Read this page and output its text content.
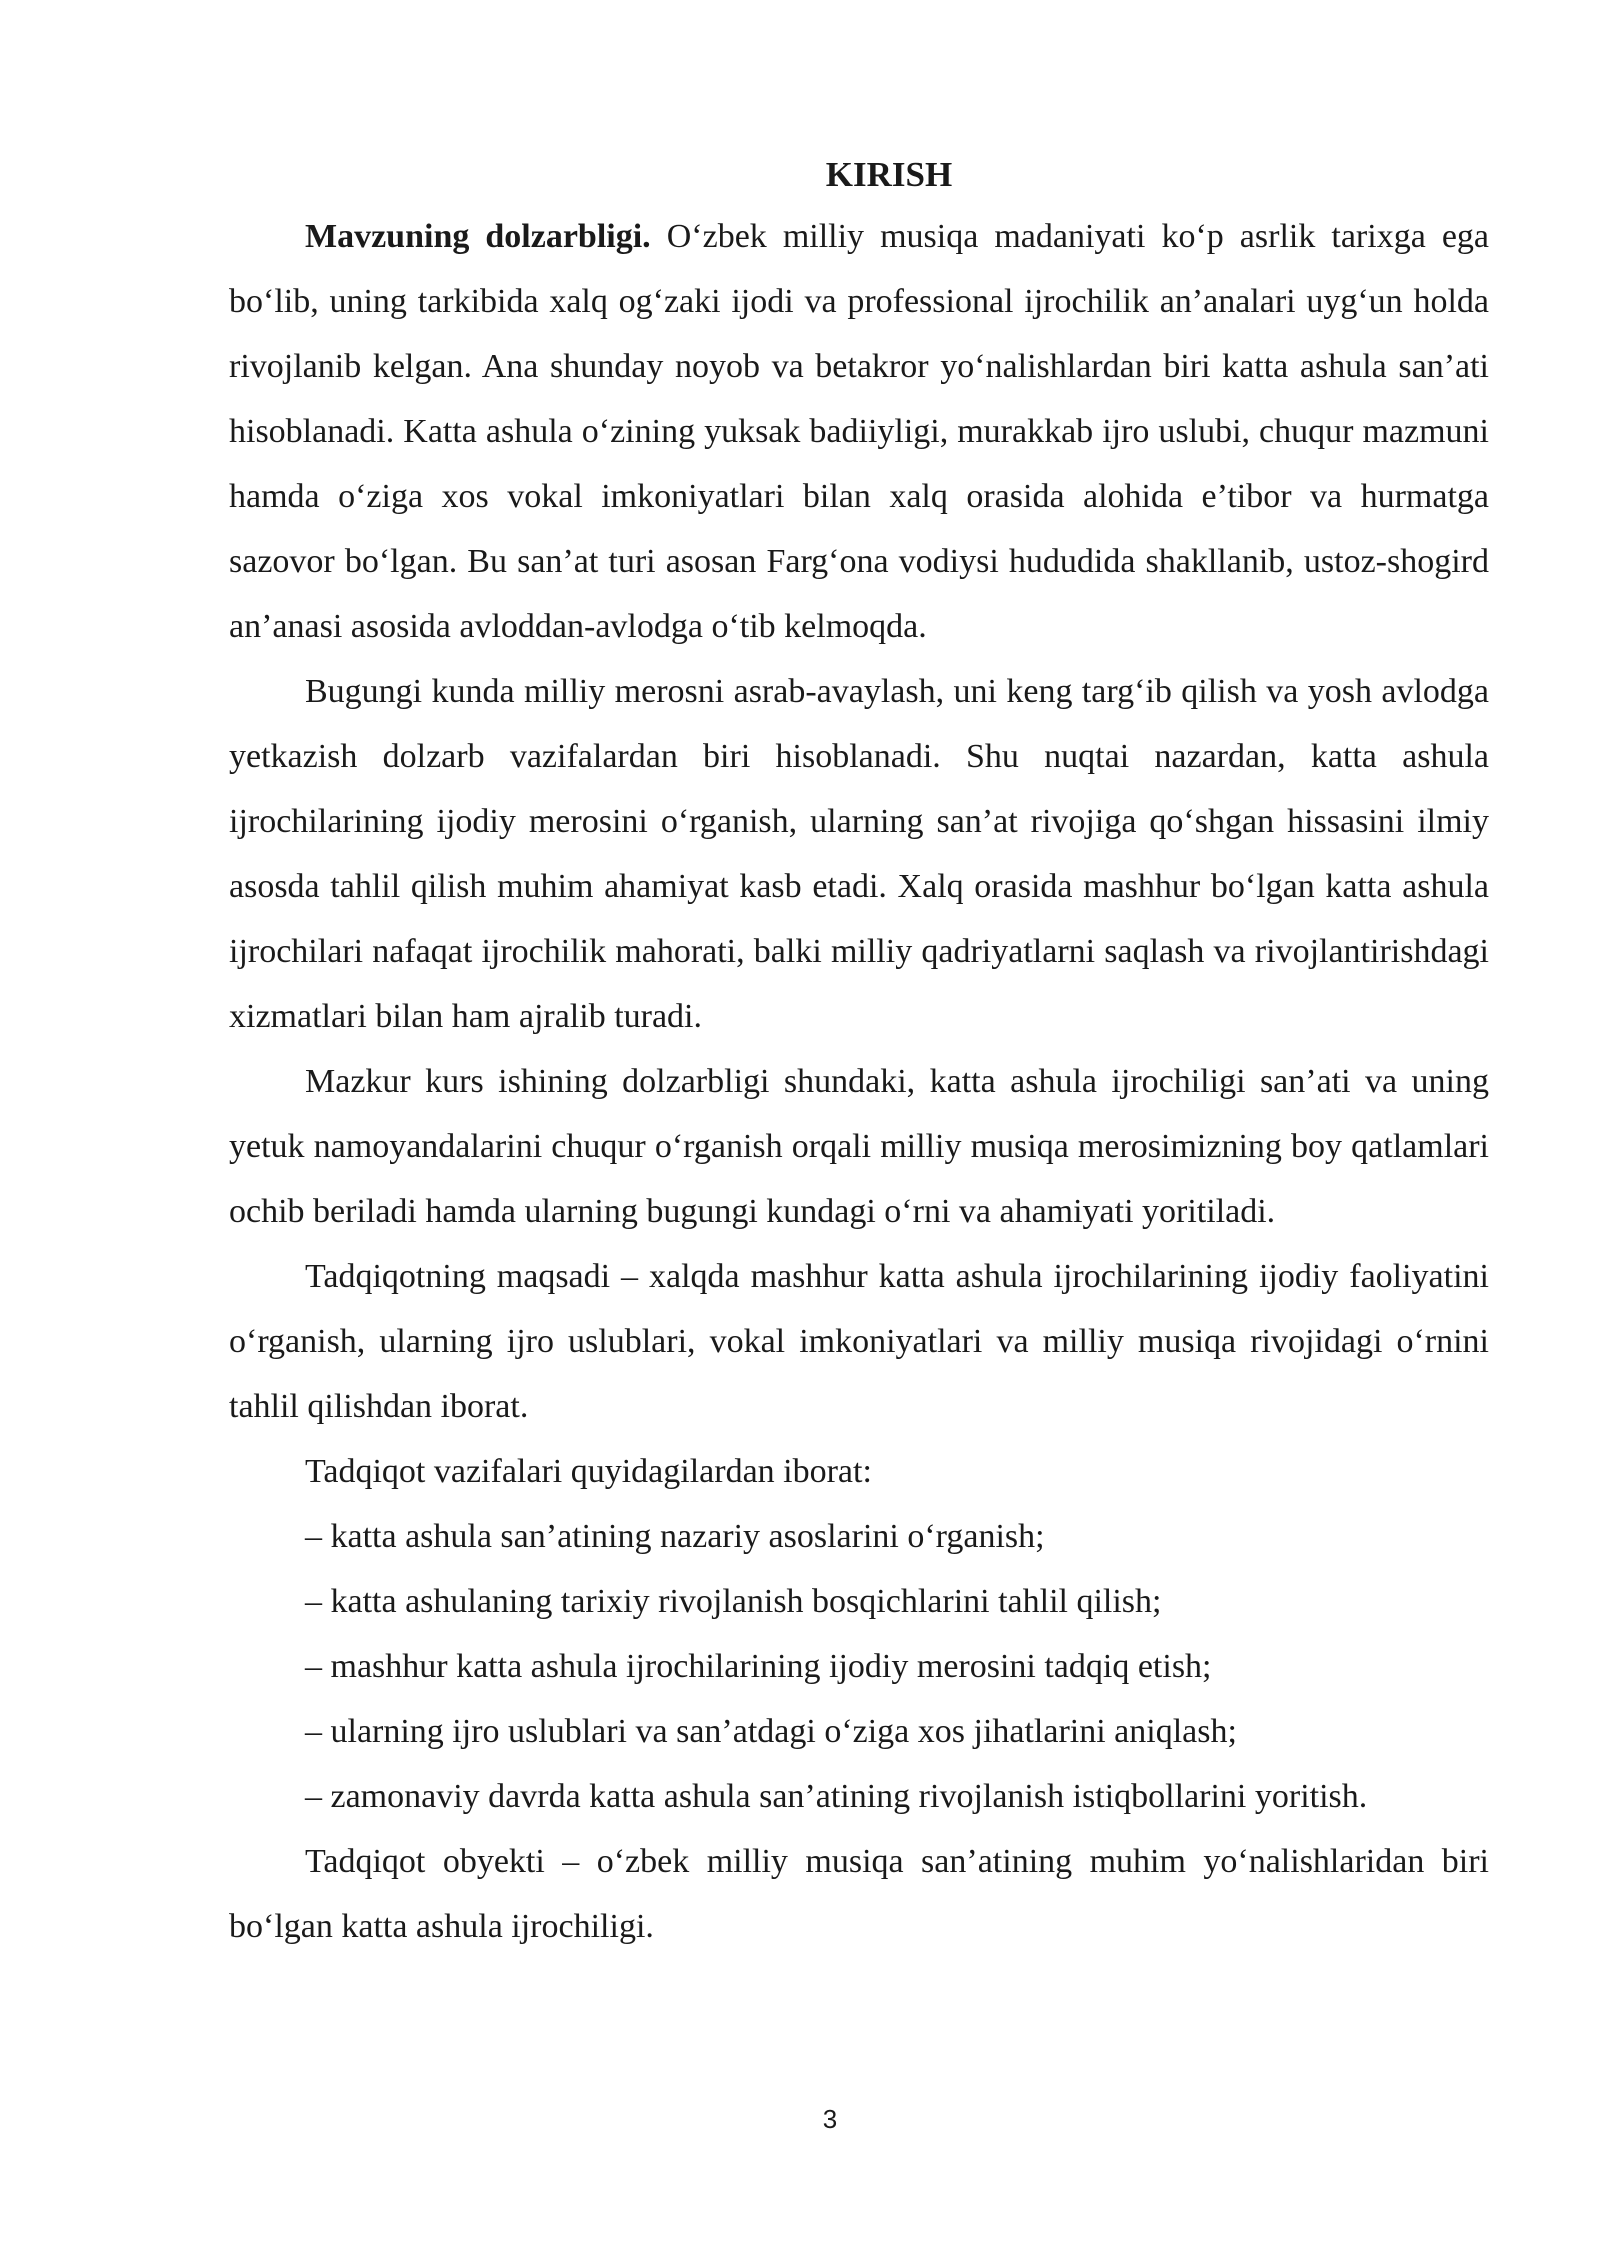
KIRISH

Mavzuning dolzarbligi. O‘zbek milliy musiqa madaniyati ko‘p asrlik tarixga ega bo‘lib, uning tarkibida xalq og‘zaki ijodi va professional ijrochilik an’analari uyg‘un holda rivojlanib kelgan. Ana shunday noyob va betakror yo‘nalishlardan biri katta ashula san’ati hisoblanadi. Katta ashula o‘zining yuksak badiiyligi, murakkab ijro uslubi, chuqur mazmuni hamda o‘ziga xos vokal imkoniyatlari bilan xalq orasida alohida e’tibor va hurmatga sazovor bo‘lgan. Bu san’at turi asosan Farg‘ona vodiysi hududida shakllanib, ustoz-shogird an’anasi asosida avloddan-avlodga o‘tib kelmoqda.

Bugungi kunda milliy merosni asrab-avaylash, uni keng targ‘ib qilish va yosh avlodga yetkazish dolzarb vazifalardan biri hisoblanadi. Shu nuqtai nazardan, katta ashula ijrochilarining ijodiy merosini o‘rganish, ularning san’at rivojiga qo‘shgan hissasini ilmiy asosda tahlil qilish muhim ahamiyat kasb etadi. Xalq orasida mashhur bo‘lgan katta ashula ijrochilari nafaqat ijrochilik mahorati, balki milliy qadriyatlarni saqlash va rivojlantirishdagi xizmatlari bilan ham ajralib turadi.

Mazkur kurs ishining dolzarbligi shundaki, katta ashula ijrochiligi san’ati va uning yetuk namoyandalarini chuqur o‘rganish orqali milliy musiqa merosimizning boy qatlamlari ochib beriladi hamda ularning bugungi kundagi o‘rni va ahamiyati yoritiladi.

Tadqiqotning maqsadi – xalqda mashhur katta ashula ijrochilarining ijodiy faoliyatini o‘rganish, ularning ijro uslublari, vokal imkoniyatlari va milliy musiqa rivojidagi o‘rnini tahlil qilishdan iborat.

Tadqiqot vazifalari quyidagilardan iborat:

– katta ashula san’atining nazariy asoslarini o‘rganish;

– katta ashulaning tarixiy rivojlanish bosqichlarini tahlil qilish;

– mashhur katta ashula ijrochilarining ijodiy merosini tadqiq etish;

– ularning ijro uslublari va san’atdagi o‘ziga xos jihatlarini aniqlash;

– zamonaviy davrda katta ashula san’atining rivojlanish istiqbollarini yoritish.

Tadqiqot obyekti – o‘zbek milliy musiqa san’atining muhim yo‘nalishlaridan biri bo‘lgan katta ashula ijrochiligi.

3
